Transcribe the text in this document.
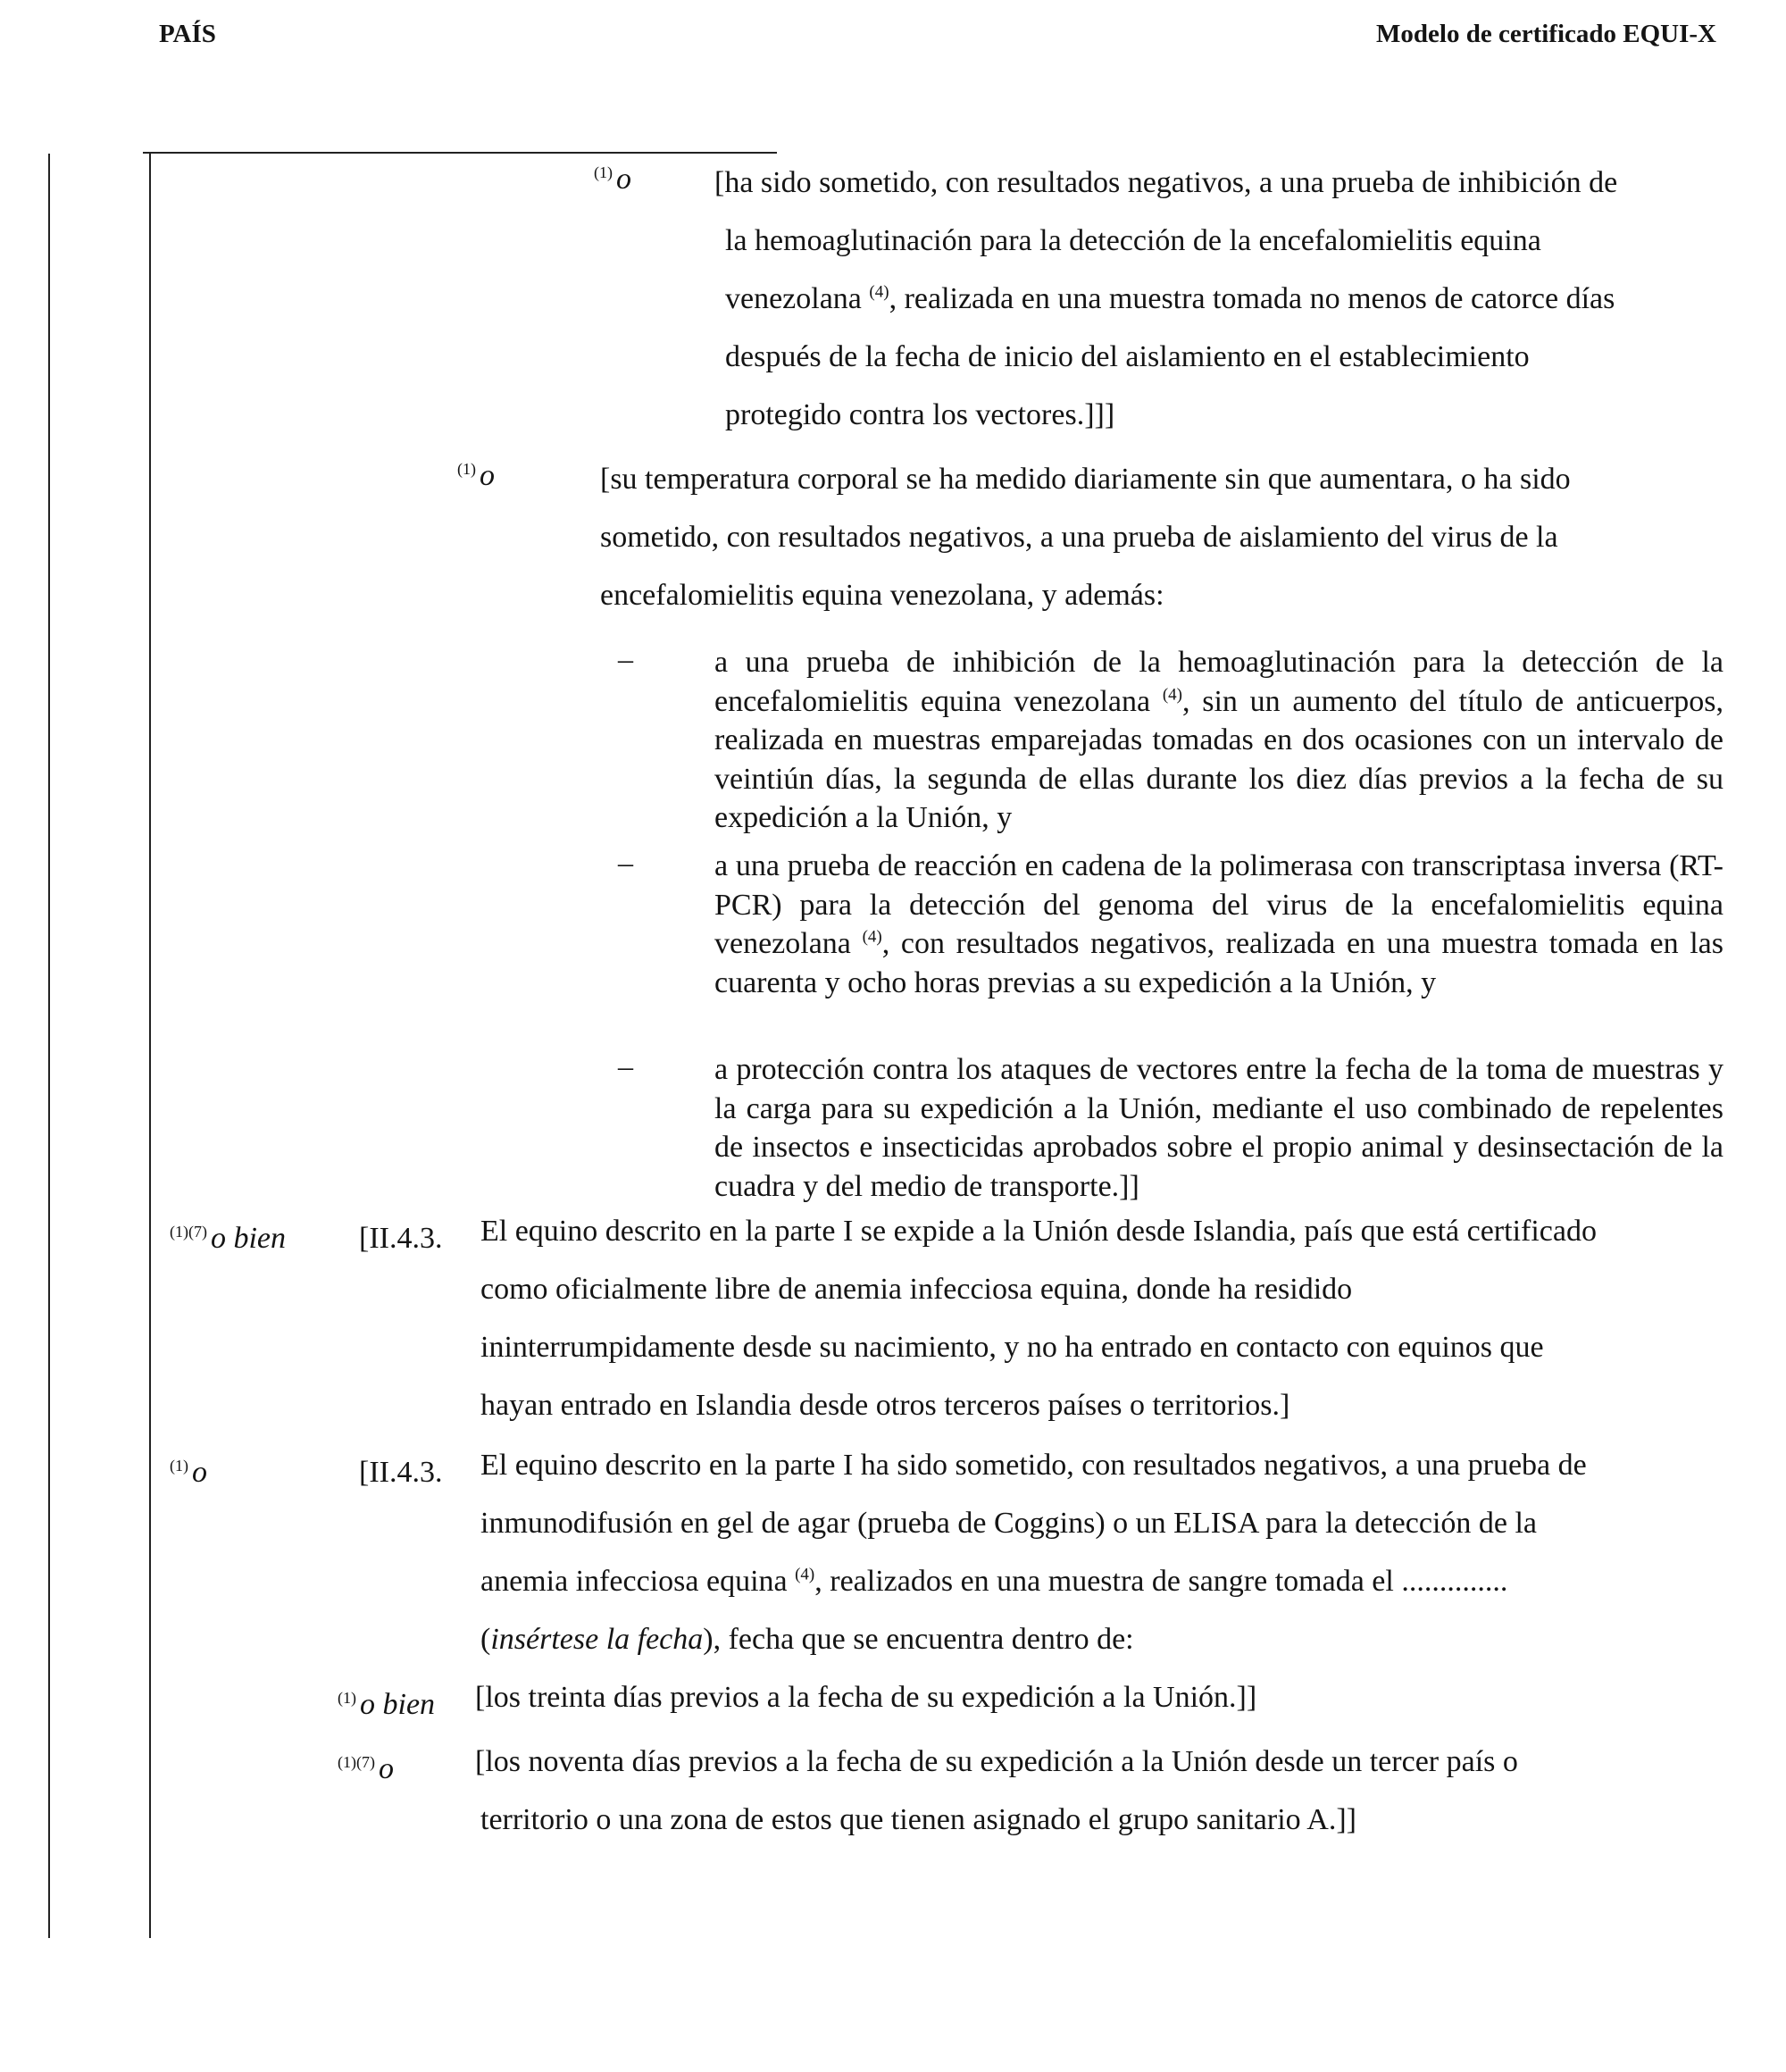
PAÍS	Modelo de certificado EQUI-X
$^{(1)}$ o	[ha sido sometido, con resultados negativos, a una prueba de inhibición de
la hemoaglutinación para la detección de la encefalomielitis equina
venezolana $^{(4)}$, realizada en una muestra tomada no menos de catorce días
después de la fecha de inicio del aislamiento en el establecimiento
protegido contra los vectores.]]]
$^{(1)}$ o	[su temperatura corporal se ha medido diariamente sin que aumentara, o ha sido
sometido, con resultados negativos, a una prueba de aislamiento del virus de la
encefalomielitis equina venezolana, y además:
–	a una prueba de inhibición de la hemoaglutinación para la detección de la encefalomielitis equina venezolana $^{(4)}$, sin un aumento del título de anticuerpos, realizada en muestras emparejadas tomadas en dos ocasiones con un intervalo de veintiún días, la segunda de ellas durante los diez días previos a la fecha de su expedición a la Unión, y
–	a una prueba de reacción en cadena de la polimerasa con transcriptasa inversa (RT-PCR) para la detección del genoma del virus de la encefalomielitis equina venezolana $^{(4)}$, con resultados negativos, realizada en una muestra tomada en las cuarenta y ocho horas previas a su expedición a la Unión, y
–	a protección contra los ataques de vectores entre la fecha de la toma de muestras y la carga para su expedición a la Unión, mediante el uso combinado de repelentes de insectos e insecticidas aprobados sobre el propio animal y desinsectación de la cuadra y del medio de transporte.]]
$^{(1)(7)}$ o bien [II.4.3. El equino descrito en la parte I se expide a la Unión desde Islandia, país que está certificado
como oficialmente libre de anemia infecciosa equina, donde ha residido
ininterrumpidamente desde su nacimiento, y no ha entrado en contacto con equinos que
hayan entrado en Islandia desde otros terceros países o territorios.]
$^{(1)}$ o	[II.4.3. El equino descrito en la parte I ha sido sometido, con resultados negativos, a una prueba de
inmunodifusión en gel de agar (prueba de Coggins) o un ELISA para la detección de la
anemia infecciosa equina $^{(4)}$, realizados en una muestra de sangre tomada el ..............
(insértese la fecha), fecha que se encuentra dentro de:
$^{(1)}$ o bien [los treinta días previos a la fecha de su expedición a la Unión.]]
$^{(1)(7)}$ o	[los noventa días previos a la fecha de su expedición a la Unión desde un tercer país o
territorio o una zona de estos que tienen asignado el grupo sanitario A.]]
